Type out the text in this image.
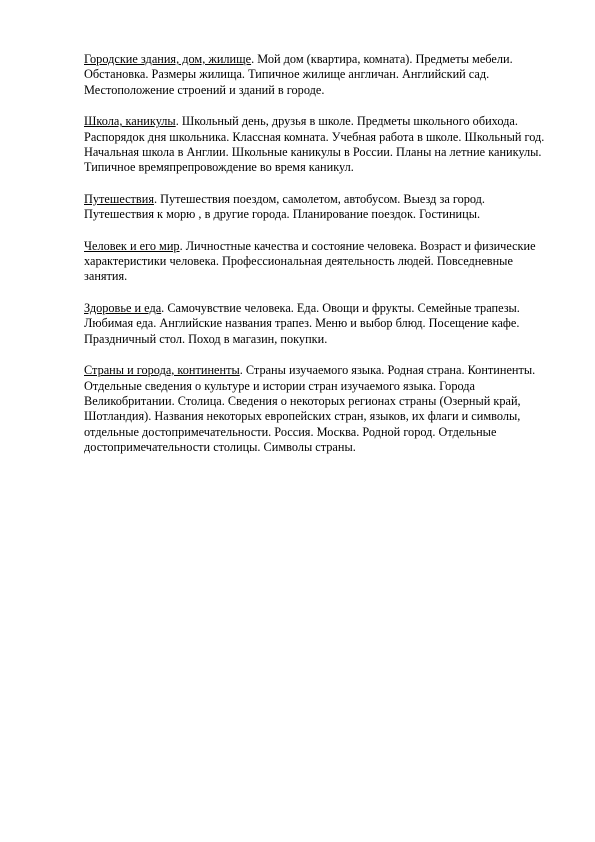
Городские здания, дом, жилище. Мой дом (квартира, комната). Предметы мебели. Обстановка. Размеры жилища. Типичное жилище англичан. Английский сад. Местоположение строений и зданий в городе.

Школа, каникулы. Школьный день, друзья в школе. Предметы школьного обихода. Распорядок дня школьника. Классная комната. Учебная работа в школе. Школьный год. Начальная школа в Англии. Школьные каникулы в России. Планы на летние каникулы. Типичное времяпрепровождение во время каникул.

Путешествия. Путешествия поездом, самолетом, автобусом. Выезд за город. Путешествия к морю , в другие города. Планирование поездок. Гостиницы.

Человек и его мир. Личностные качества и состояние человека. Возраст и физические характеристики человека. Профессиональная деятельность людей. Повседневные занятия.

Здоровье и еда. Самочувствие человека. Еда. Овощи и фрукты. Семейные трапезы. Любимая еда. Английские названия трапез. Меню и выбор блюд. Посещение кафе. Праздничный стол. Поход в магазин, покупки.

Страны и города, континенты. Страны изучаемого языка. Родная страна. Континенты. Отдельные сведения о культуре и истории стран изучаемого языка. Города Великобритании. Столица. Сведения о некоторых регионах страны (Озерный край, Шотландия). Названия некоторых европейских стран, языков, их флаги и символы, отдельные достопримечательности. Россия. Москва. Родной город. Отдельные достопримечательности столицы. Символы страны.
